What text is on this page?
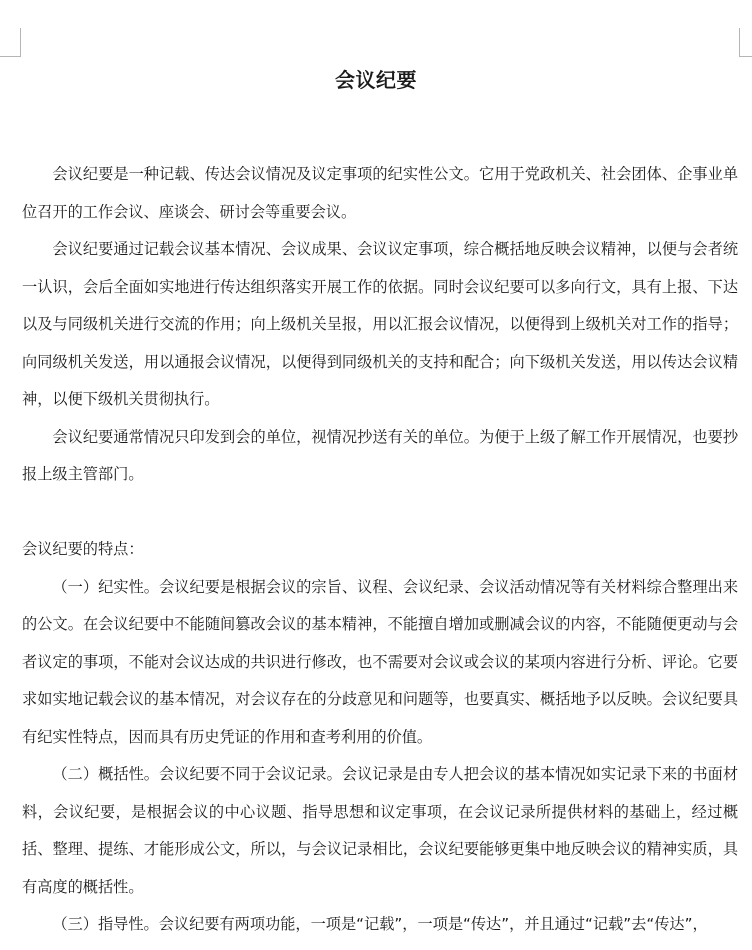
会议纪要

会议纪要是一种记载、传达会议情况及议定事项的纪实性公文。它用于党政机关、社会团体、企事业单位召开的工作会议、座谈会、研讨会等重要会议。

会议纪要通过记载会议基本情况、会议成果、会议议定事项，综合概括地反映会议精神，以便与会者统一认识，会后全面如实地进行传达组织落实开展工作的依据。同时会议纪要可以多向行文，具有上报、下达以及与同级机关进行交流的作用；向上级机关呈报，用以汇报会议情况，以便得到上级机关对工作的指导；向同级机关发送，用以通报会议情况，以便得到同级机关的支持和配合；向下级机关发送，用以传达会议精神，以便下级机关贯彻执行。

会议纪要通常情况只印发到会的单位，视情况抄送有关的单位。为便于上级了解工作开展情况，也要抄报上级主管部门。

会议纪要的特点：

（一）纪实性。会议纪要是根据会议的宗旨、议程、会议纪录、会议活动情况等有关材料综合整理出来的公文。在会议纪要中不能随间篡改会议的基本精神，不能擅自增加或删减会议的内容，不能随便更动与会者议定的事项，不能对会议达成的共识进行修改，也不需要对会议或会议的某项内容进行分析、评论。它要求如实地记载会议的基本情况，对会议存在的分歧意见和问题等，也要真实、概括地予以反映。会议纪要具有纪实性特点，因而具有历史凭证的作用和查考利用的价值。

（二）概括性。会议纪要不同于会议记录。会议记录是由专人把会议的基本情况如实记录下来的书面材料，会议纪要，是根据会议的中心议题、指导思想和议定事项，在会议记录所提供材料的基础上，经过概括、整理、提练、才能形成公文，所以，与会议记录相比，会议纪要能够更集中地反映会议的精神实质，具有高度的概括性。

（三）指导性。会议纪要有两项功能，一项是“记载”，一项是“传达”，并且通过“记载”去“传达”，
